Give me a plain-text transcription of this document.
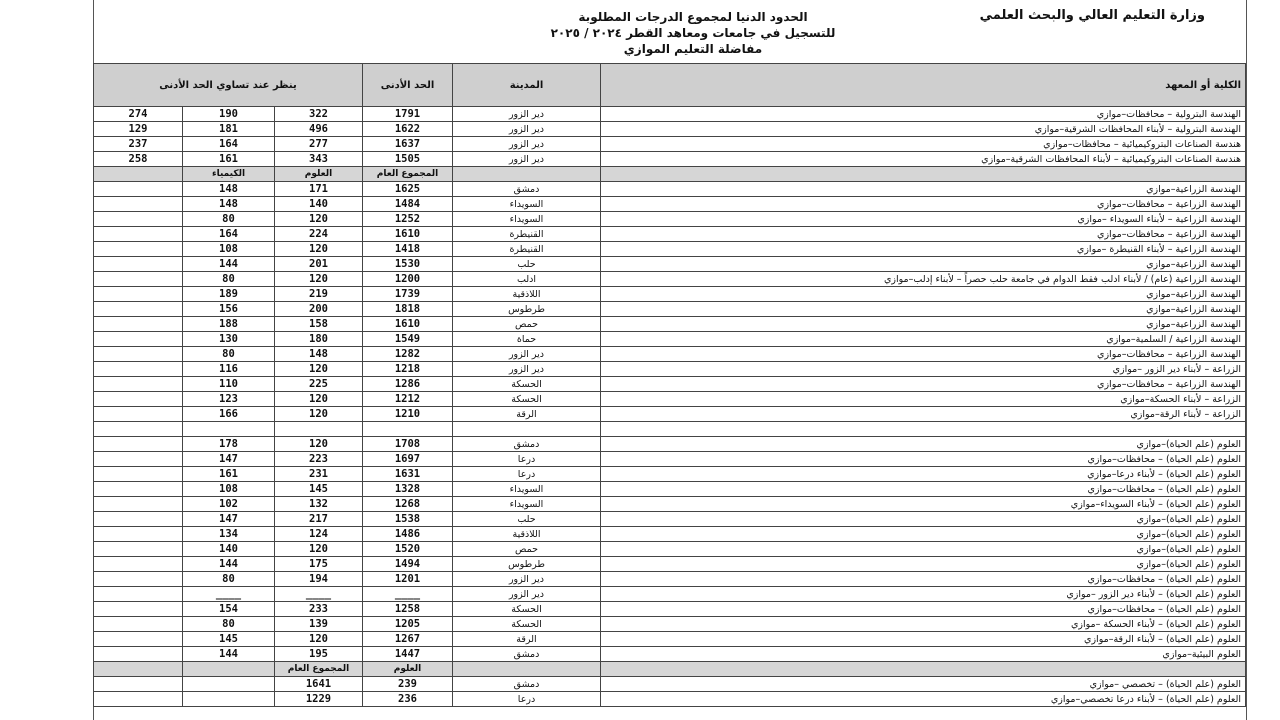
وزارة التعليم العالي والبحث العلمي
الحدود الدنيا لمجموع الدرجات المطلوبة
للتسجيل في جامعات ومعاهد القطر ٢٠٢٤ / ٢٠٢٥
مفاضلة التعليم الموازي
ينظر عند تساوي الحد الأدنى			الحد الأدنى	المدينة	الكلية أو المعهد
274	190	322	1791	دير الزور	الهندسة البترولية – محافظات–موازي
129	181	496	1622	دير الزور	الهندسة البترولية – لأبناء المحافظات الشرقية–موازي
237	164	277	1637	دير الزور	هندسة الصناعات البتروكيميائية – محافظات–موازي
258	161	343	1505	دير الزور	هندسة الصناعات البتروكيميائية – لأبناء المحافظات الشرقية–موازي
	الكيمياء	العلوم	المجموع العام		
	148	171	1625	دمشق	الهندسة الزراعية–موازي
	148	140	1484	السويداء	الهندسة الزراعية – محافظات–موازي
	80	120	1252	السويداء	الهندسة الزراعية – لأبناء السويداء –موازي
	164	224	1610	القنيطرة	الهندسة الزراعية – محافظات–موازي
	108	120	1418	القنيطرة	الهندسة الزراعية – لأبناء القنيطرة –موازي
	144	201	1530	حلب	الهندسة الزراعية–موازي
	80	120	1200	ادلب	الهندسة الزراعية (عام) / لأبناء ادلب فقط الدوام في جامعة حلب حصراً – لأبناء إدلب–موازي
	189	219	1739	اللاذقية	الهندسة الزراعية–موازي
	156	200	1818	طرطوس	الهندسة الزراعية–موازي
	188	158	1610	حمص	الهندسة الزراعية–موازي
	130	180	1549	حماة	الهندسة الزراعية / السلمية–موازي
	80	148	1282	دير الزور	الهندسة الزراعية – محافظات–موازي
	116	120	1218	دير الزور	الزراعة – لأبناء دير الزور –موازي
	110	225	1286	الحسكة	الهندسة الزراعية – محافظات–موازي
	123	120	1212	الحسكة	الزراعة – لأبناء الحسكة–موازي
	166	120	1210	الرقة	الزراعة – لأبناء الرقة–موازي

	178	120	1708	دمشق	العلوم (علم الحياة)–موازي
	147	223	1697	درعا	العلوم (علم الحياة) – محافظات–موازي
	161	231	1631	درعا	العلوم (علم الحياة) – لأبناء درعا–موازي
	108	145	1328	السويداء	العلوم (علم الحياة) – محافظات–موازي
	102	132	1268	السويداء	العلوم (علم الحياة) – لأبناء السويداء–موازي
	147	217	1538	حلب	العلوم (علم الحياة)–موازي
	134	124	1486	اللاذقية	العلوم (علم الحياة)–موازي
	140	120	1520	حمص	العلوم (علم الحياة)–موازي
	144	175	1494	طرطوس	العلوم (علم الحياة)–موازي
	80	194	1201	دير الزور	العلوم (علم الحياة) – محافظات–موازي
	____	____	____	دير الزور	العلوم (علم الحياة) – لأبناء دير الزور –موازي
	154	233	1258	الحسكة	العلوم (علم الحياة) – محافظات–موازي
	80	139	1205	الحسكة	العلوم (علم الحياة) – لأبناء الحسكة –موازي
	145	120	1267	الرقة	العلوم (علم الحياة) – لأبناء الرقة–موازي
	144	195	1447	دمشق	العلوم البيئية–موازي
		المجموع العام	العلوم		
		1641	239	دمشق	العلوم (علم الحياة) – تخصصي –موازي
		1229	236	درعا	العلوم (علم الحياة) – لأبناء درعا تخصصي–موازي
